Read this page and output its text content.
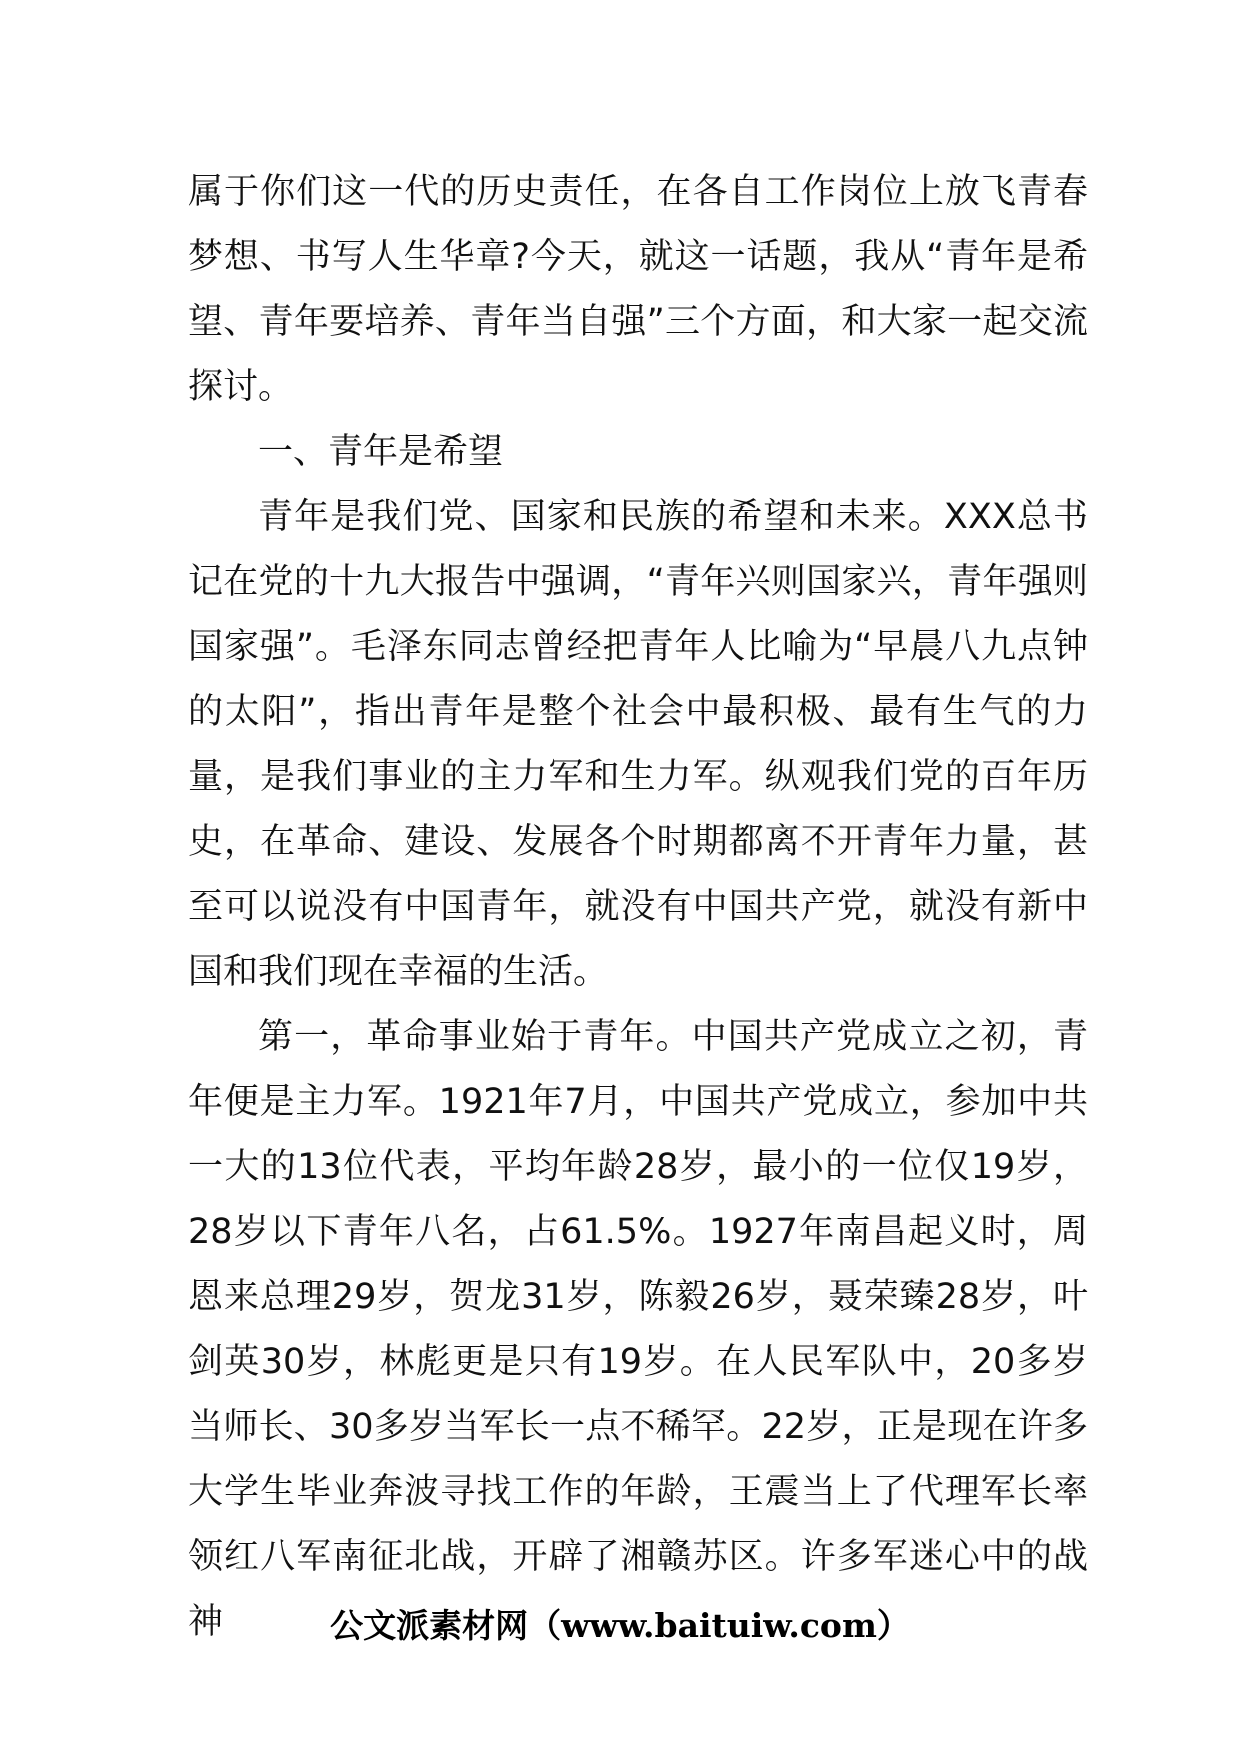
属于你们这一代的历史责任，在各自工作岗位上放飞青春梦想、书写人生华章?今天，就这一话题，我从“青年是希望、青年要培养、青年当自强”三个方面，和大家一起交流探讨。

一、青年是希望

青年是我们党、国家和民族的希望和未来。XXX总书记在党的十九大报告中强调，“青年兴则国家兴，青年强则国家强”。毛泽东同志曾经把青年人比喻为“早晨八九点钟的太阳”，指出青年是整个社会中最积极、最有生气的力量，是我们事业的主力军和生力军。纵观我们党的百年历史，在革命、建设、发展各个时期都离不开青年力量，甚至可以说没有中国青年，就没有中国共产党，就没有新中国和我们现在幸福的生活。

第一，革命事业始于青年。中国共产党成立之初，青年便是主力军。1921年7月，中国共产党成立，参加中共一大的13位代表，平均年龄28岁，最小的一位仅19岁，28岁以下青年八名，占61.5%。1927年南昌起义时，周恩来总理29岁，贺龙31岁，陈毅26岁，聂荣臻28岁，叶剑英30岁，林彪更是只有19岁。在人民军队中，20多岁当师长、30多岁当军长一点不稀罕。22岁，正是现在许多大学生毕业奔波寻找工作的年龄，王震当上了代理军长率领红八军南征北战，开辟了湘赣苏区。许多军迷心中的战神	公文派素材网（www.baituiw.com）
